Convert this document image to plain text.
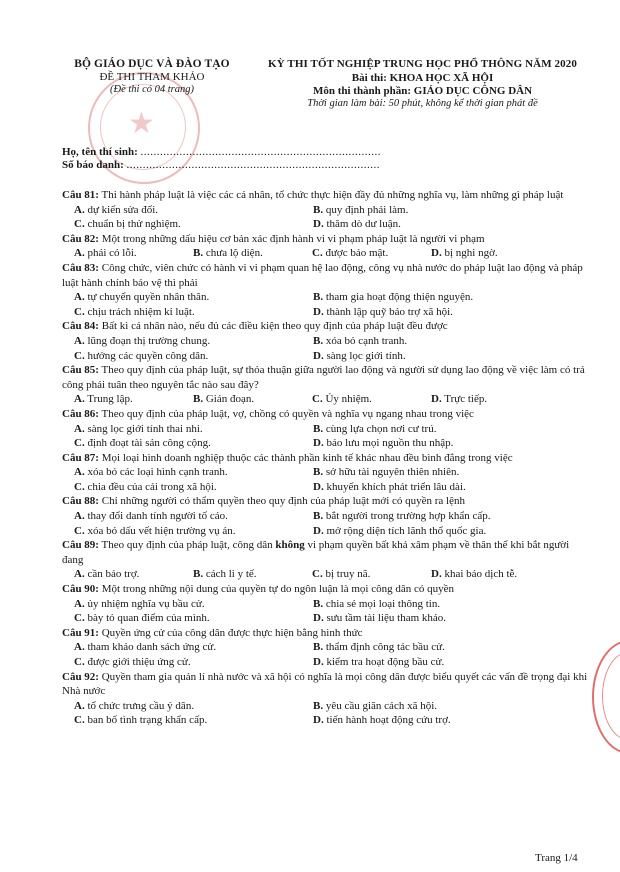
★
BỘ GIÁO DỤC VÀ ĐÀO TẠO
ĐỀ THI THAM KHẢO
(Đề thi có 04 trang)
KỲ THI TỐT NGHIỆP TRUNG HỌC PHỔ THÔNG NĂM 2020
Bài thi: KHOA HỌC XÃ HỘI
Môn thi thành phần: GIÁO DỤC CÔNG DÂN
Thời gian làm bài: 50 phút, không kể thời gian phát đề
Họ, tên thí sinh: ..........................................................................
Số báo danh: ..............................................................................

Câu 81: Thi hành pháp luật là việc các cá nhân, tổ chức thực hiện đầy đủ những nghĩa vụ, làm những gì pháp luật

A. dự kiến sửa đổi.	B. quy định phải làm.
C. chuẩn bị thử nghiệm.	D. thăm dò dư luận.

Câu 82: Một trong những dấu hiệu cơ bản xác định hành vi vi phạm pháp luật là người vi phạm

A. phải có lỗi.	B. chưa lộ diện.	C. được bảo mật.	D. bị nghi ngờ.

Câu 83: Công chức, viên chức có hành vi vi phạm quan hệ lao động, công vụ nhà nước do pháp luật lao động và pháp luật hành chính bảo vệ thì phải

A. tự chuyển quyền nhân thân.	B. tham gia hoạt động thiện nguyện.
C. chịu trách nhiệm kỉ luật.	D. thành lập quỹ bảo trợ xã hội.

Câu 84: Bất kì cá nhân nào, nếu đủ các điều kiện theo quy định của pháp luật đều được

A. lũng đoạn thị trường chung.	B. xóa bỏ cạnh tranh.
C. hưởng các quyền công dân.	D. sàng lọc giới tính.

Câu 85: Theo quy định của pháp luật, sự thỏa thuận giữa người lao động và người sử dụng lao động về việc làm có trả công phải tuân theo nguyên tắc nào sau đây?

A. Trung lập.	B. Gián đoạn.	C. Ủy nhiệm.	D. Trực tiếp.

Câu 86: Theo quy định của pháp luật, vợ, chồng có quyền và nghĩa vụ ngang nhau trong việc

A. sàng lọc giới tính thai nhi.	B. cùng lựa chọn nơi cư trú.
C. định đoạt tài sản công cộng.	D. bảo lưu mọi nguồn thu nhập.

Câu 87: Mọi loại hình doanh nghiệp thuộc các thành phần kinh tế khác nhau đều bình đẳng trong việc

A. xóa bỏ các loại hình cạnh tranh.	B. sở hữu tài nguyên thiên nhiên.
C. chia đều của cải trong xã hội.	D. khuyến khích phát triển lâu dài.

Câu 88: Chỉ những người có thẩm quyền theo quy định của pháp luật mới có quyền ra lệnh

A. thay đổi danh tính người tố cáo.	B. bắt người trong trường hợp khẩn cấp.
C. xóa bỏ dấu vết hiện trường vụ án.	D. mở rộng diện tích lãnh thổ quốc gia.

Câu 89: Theo quy định của pháp luật, công dân không vi phạm quyền bất khả xâm phạm về thân thể khi bắt người đang

A. cần bảo trợ.	B. cách li y tế.	C. bị truy nã.	D. khai báo dịch tễ.

Câu 90: Một trong những nội dung của quyền tự do ngôn luận là mọi công dân có quyền

A. ủy nhiệm nghĩa vụ bầu cử.	B. chia sẻ mọi loại thông tin.
C. bày tỏ quan điểm của mình.	D. sưu tầm tài liệu tham khảo.

Câu 91: Quyền ứng cử của công dân được thực hiện bằng hình thức

A. tham khảo danh sách ứng cử.	B. thẩm định công tác bầu cử.
C. được giới thiệu ứng cử.	D. kiểm tra hoạt động bầu cử.

Câu 92: Quyền tham gia quản lí nhà nước và xã hội có nghĩa là mọi công dân được biểu quyết các vấn đề trọng đại khi Nhà nước

A. tổ chức trưng cầu ý dân.	B. yêu cầu giãn cách xã hội.
C. ban bố tình trạng khẩn cấp.	D. tiến hành hoạt động cứu trợ.
Trang 1/4
